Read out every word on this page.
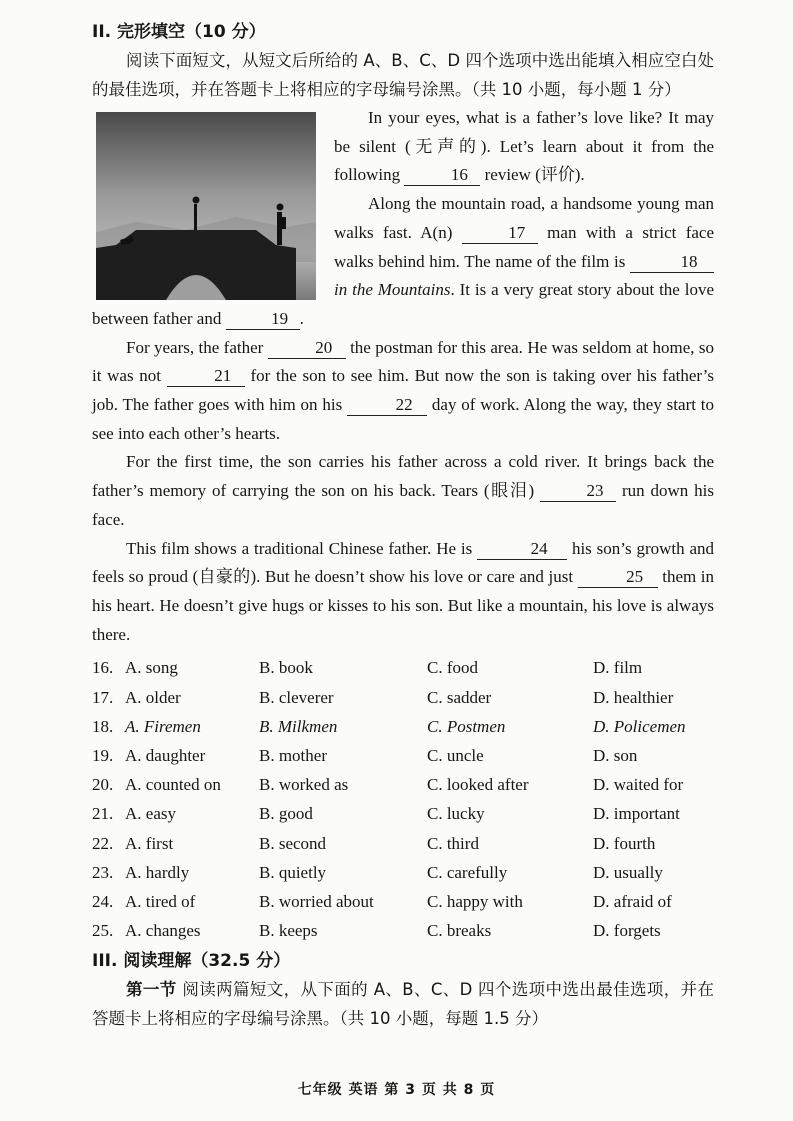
II. 完形填空（10 分）

阅读下面短文，从短文后所给的 A、B、C、D 四个选项中选出能填入相应空白处的最佳选项，并在答题卡上将相应的字母编号涂黑。（共 10 小题，每小题 1 分）

In your eyes, what is a father’s love like? It may be silent (无声的). Let’s learn about it from the following	16 review (评价).

Along the mountain road, a handsome young man walks fast. A(n)	17 man with a strict face walks behind him. The name of the film is	18 in the Mountains. It is a very great story about the love between father and	19 .

For years, the father	20 the postman for this area. He was seldom at home, so it was not	21 for the son to see him. But now the son is taking over his father’s job. The father goes with him on his	22 day of work. Along the way, they start to see into each other’s hearts.

For the first time, the son carries his father across a cold river. It brings back the father’s memory of carrying the son on his back. Tears (眼泪)	23 run down his face.

This film shows a traditional Chinese father. He is	24 his son’s growth and feels so proud (自豪的). But he doesn’t show his love or care and just	25 them in his heart. He doesn’t give hugs or kisses to his son. But like a mountain, his love is always there.

16. A. song	B. book	C. food	D. film
17. A. older	B. cleverer	C. sadder	D. healthier
18. A. Firemen	B. Milkmen	C. Postmen	D. Policemen
19. A. daughter	B. mother	C. uncle	D. son
20. A. counted on	B. worked as	C. looked after	D. waited for
21. A. easy	B. good	C. lucky	D. important
22. A. first	B. second	C. third	D. fourth
23. A. hardly	B. quietly	C. carefully	D. usually
24. A. tired of	B. worried about	C. happy with	D. afraid of
25. A. changes	B. keeps	C. breaks	D. forgets
III. 阅读理解（32.5 分）

第一节 阅读两篇短文，从下面的 A、B、C、D 四个选项中选出最佳选项，并在答题卡上将相应的字母编号涂黑。（共 10 小题，每题 1.5 分）

七年级 英语 第 3 页 共 8 页
